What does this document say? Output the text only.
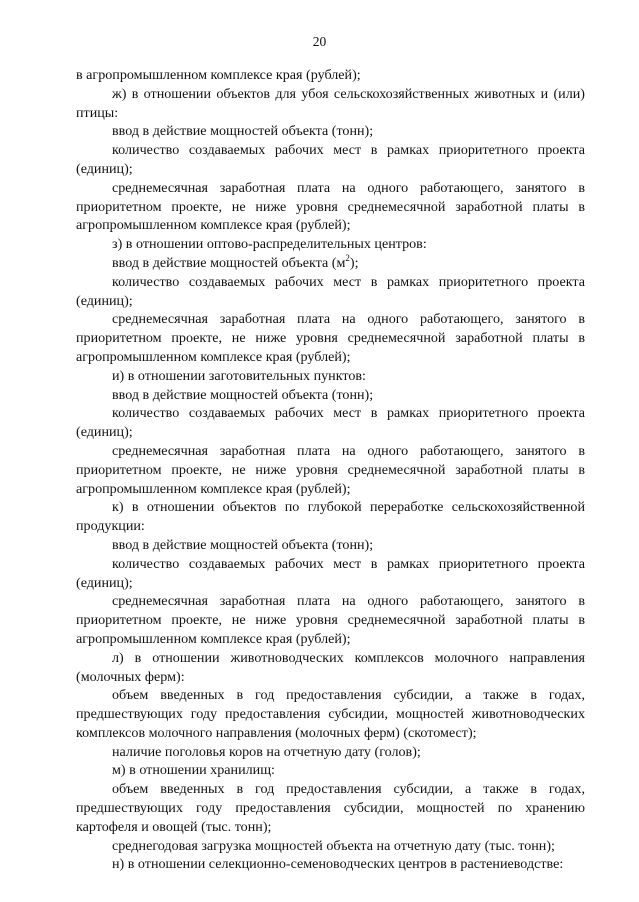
20

в агропромышленном комплексе края (рублей);

ж) в отношении объектов для убоя сельскохозяйственных животных и (или) птицы:

ввод в действие мощностей объекта (тонн);

количество создаваемых рабочих мест в рамках приоритетного проекта (единиц);

среднемесячная заработная плата на одного работающего, занятого в приоритетном проекте, не ниже уровня среднемесячной заработной платы в агропромышленном комплексе края (рублей);

з) в отношении оптово-распределительных центров:

ввод в действие мощностей объекта $(м^2)$;

количество создаваемых рабочих мест в рамках приоритетного проекта (единиц);

среднемесячная заработная плата на одного работающего, занятого в приоритетном проекте, не ниже уровня среднемесячной заработной платы в агропромышленном комплексе края (рублей);

и) в отношении заготовительных пунктов:

ввод в действие мощностей объекта (тонн);

количество создаваемых рабочих мест в рамках приоритетного проекта (единиц);

среднемесячная заработная плата на одного работающего, занятого в приоритетном проекте, не ниже уровня среднемесячной заработной платы в агропромышленном комплексе края (рублей);

к) в отношении объектов по глубокой переработке сельскохозяйственной продукции:

ввод в действие мощностей объекта (тонн);

количество создаваемых рабочих мест в рамках приоритетного проекта (единиц);

среднемесячная заработная плата на одного работающего, занятого в приоритетном проекте, не ниже уровня среднемесячной заработной платы в агропромышленном комплексе края (рублей);

л) в отношении животноводческих комплексов молочного направления (молочных ферм):

объем введенных в год предоставления субсидии, а также в годах, предшествующих году предоставления субсидии, мощностей животноводческих комплексов молочного направления (молочных ферм) (скотомест);

наличие поголовья коров на отчетную дату (голов);

м) в отношении хранилищ:

объем введенных в год предоставления субсидии, а также в годах, предшествующих году предоставления субсидии, мощностей по хранению картофеля и овощей (тыс. тонн);

среднегодовая загрузка мощностей объекта на отчетную дату (тыс. тонн);

н) в отношении селекционно-семеноводческих центров в растениеводстве:
